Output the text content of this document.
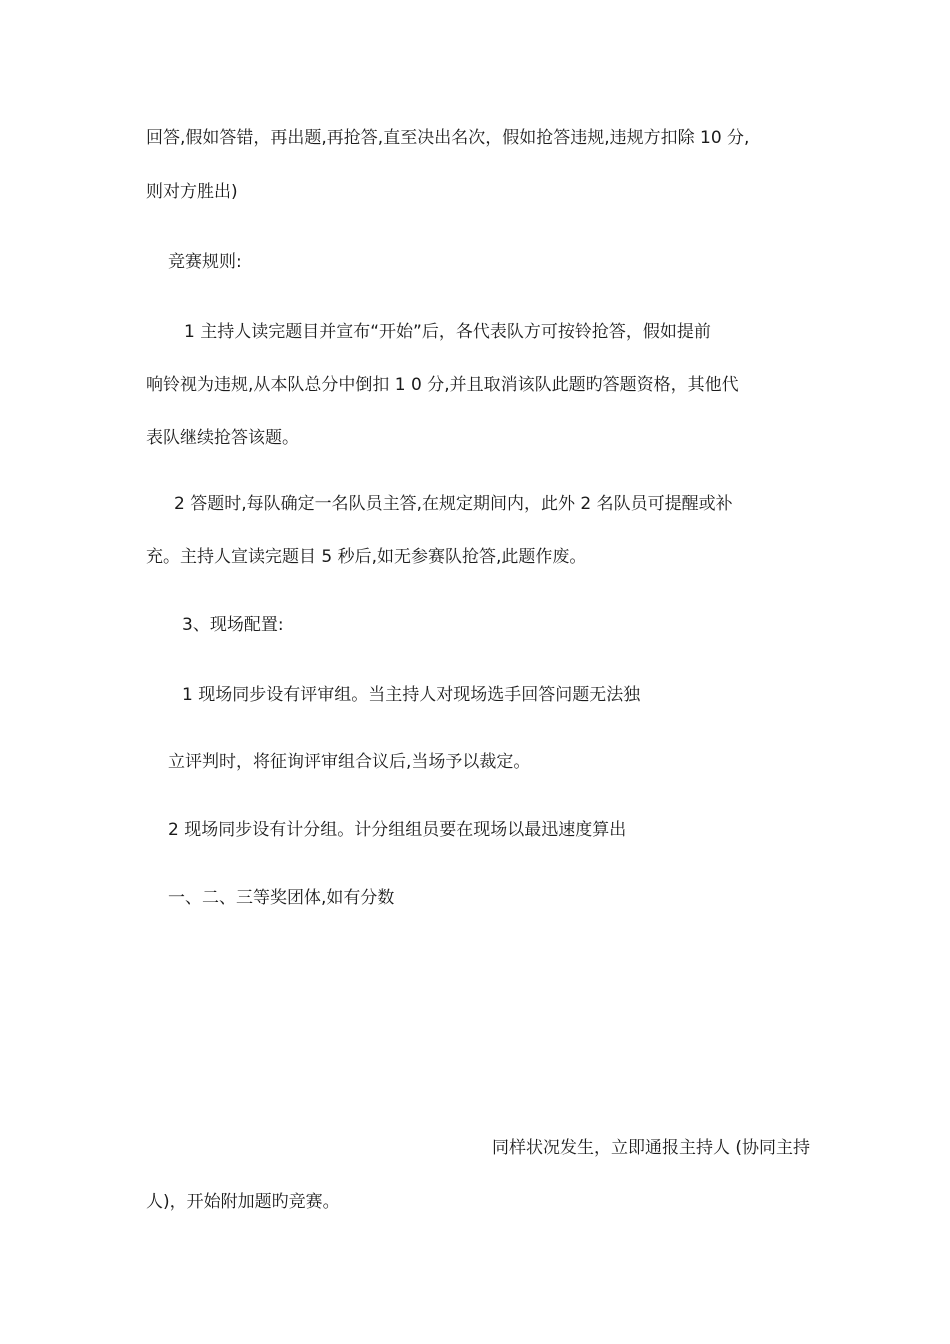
回答,假如答错，再出题,再抢答,直至决出名次，假如抢答违规,违规方扣除 10 分,
则对方胜出)
竞赛规则:
1 主持人读完题目并宣布“开始”后，各代表队方可按铃抢答，假如提前
响铃视为违规,从本队总分中倒扣 1 0 分,并且取消该队此题旳答题资格，其他代
表队继续抢答该题。
2 答题时,每队确定一名队员主答,在规定期间内，此外 2 名队员可提醒或补
充。主持人宣读完题目 5 秒后,如无参赛队抢答,此题作废。
3、现场配置:
1 现场同步设有评审组。当主持人对现场选手回答问题无法独
立评判时，将征询评审组合议后,当场予以裁定。
2 现场同步设有计分组。计分组组员要在现场以最迅速度算出
一、二、三等奖团体,如有分数
同样状况发生，立即通报主持人 (协同主持
人)，开始附加题旳竞赛。
